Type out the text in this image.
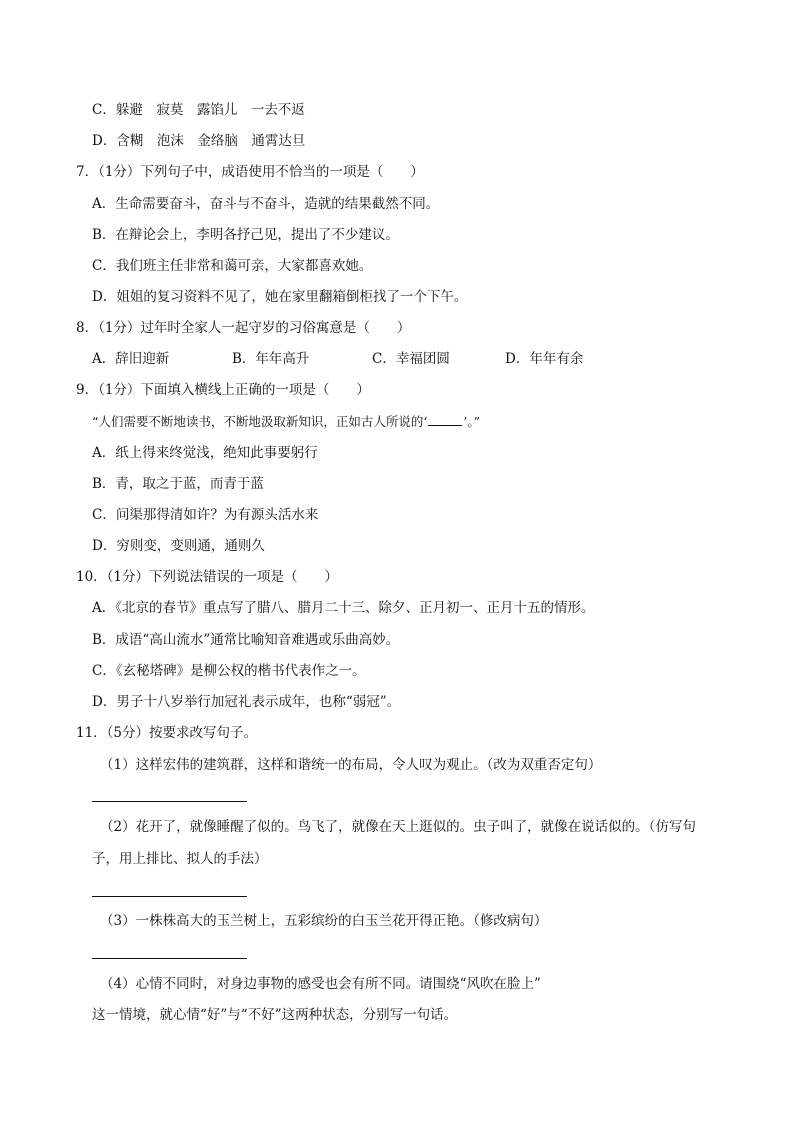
C．躲避　寂莫　露馅儿　一去不返
D．含糊　泡沫　金络脑　通霄达旦
7．（1分）下列句子中，成语使用不恰当的一项是（　　）
A．生命需要奋斗，奋斗与不奋斗，造就的结果截然不同。
B．在辩论会上，李明各抒己见，提出了不少建议。
C．我们班主任非常和蔼可亲，大家都喜欢她。
D．姐姐的复习资料不见了，她在家里翻箱倒柜找了一个下午。
8．（1分）过年时全家人一起守岁的习俗寓意是（　　）
A．辞旧迎新	B．年年高升	C．幸福团圆	D．年年有余
9．（1分）下面填入横线上正确的一项是（　　）
“人们需要不断地读书，不断地汲取新知识，正如古人所说的‘	’。”
A．纸上得来终觉浅，绝知此事要躬行
B．青，取之于蓝，而青于蓝
C．问渠那得清如许？为有源头活水来
D．穷则变，变则通，通则久
10．（1分）下列说法错误的一项是（　　）
A．《北京的春节》重点写了腊八、腊月二十三、除夕、正月初一、正月十五的情形。
B．成语“高山流水”通常比喻知音难遇或乐曲高妙。
C．《玄秘塔碑》是柳公权的楷书代表作之一。
D．男子十八岁举行加冠礼表示成年，也称“弱冠”。
11．（5分）按要求改写句子。
（1）这样宏伟的建筑群，这样和谐统一的布局，令人叹为观止。（改为双重否定句）
（2）花开了，就像睡醒了似的。鸟飞了，就像在天上逛似的。虫子叫了，就像在说话似的。（仿写句
子，用上排比、拟人的手法）
（3）一株株高大的玉兰树上，五彩缤纷的白玉兰花开得正艳。（修改病句）
（4）心情不同时，对身边事物的感受也会有所不同。请围绕“风吹在脸上”
这一情境，就心情“好”与“不好”这两种状态，分别写一句话。
